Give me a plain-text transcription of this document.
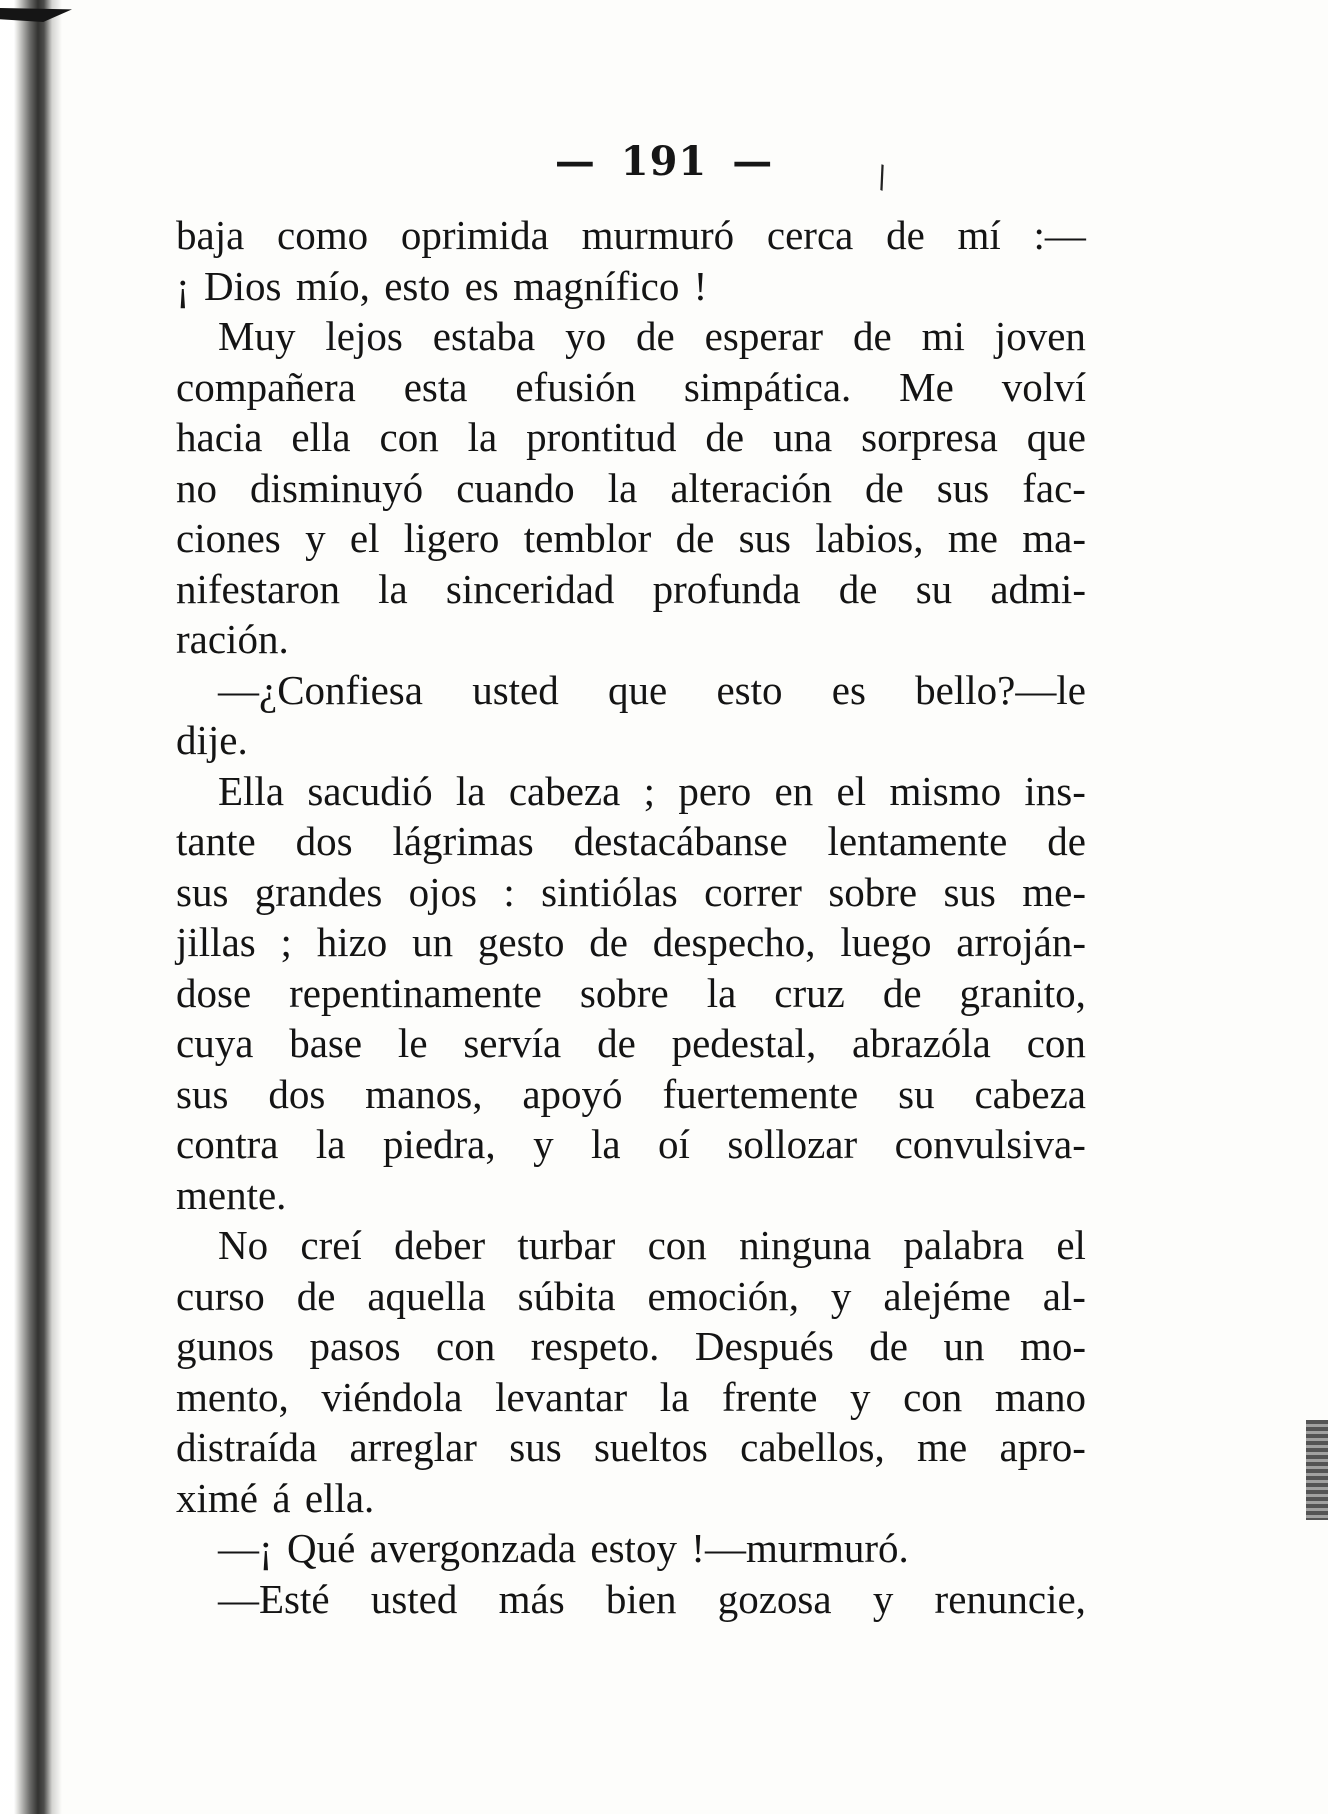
\
— 191 —
baja como oprimida murmuró cerca de mí :—
¡ Dios mío, esto es magnífico !
Muy lejos estaba yo de esperar de mi joven
compañera esta efusión simpática. Me volví
hacia ella con la prontitud de una sorpresa que
no disminuyó cuando la alteración de sus fac-
ciones y el ligero temblor de sus labios, me ma-
nifestaron la sinceridad profunda de su admi-
ración.
—¿Confiesa usted que esto es bello?—le
dije.
Ella sacudió la cabeza ; pero en el mismo ins-
tante dos lágrimas destacábanse lentamente de
sus grandes ojos : sintiólas correr sobre sus me-
jillas ; hizo un gesto de despecho, luego arroján-
dose repentinamente sobre la cruz de granito,
cuya base le servía de pedestal, abrazóla con
sus dos manos, apoyó fuertemente su cabeza
contra la piedra, y la oí sollozar convulsiva-
mente.
No creí deber turbar con ninguna palabra el
curso de aquella súbita emoción, y alejéme al-
gunos pasos con respeto. Después de un mo-
mento, viéndola levantar la frente y con mano
distraída arreglar sus sueltos cabellos, me apro-
ximé á ella.
—¡ Qué avergonzada estoy !—murmuró.
—Esté usted más bien gozosa y renuncie,
